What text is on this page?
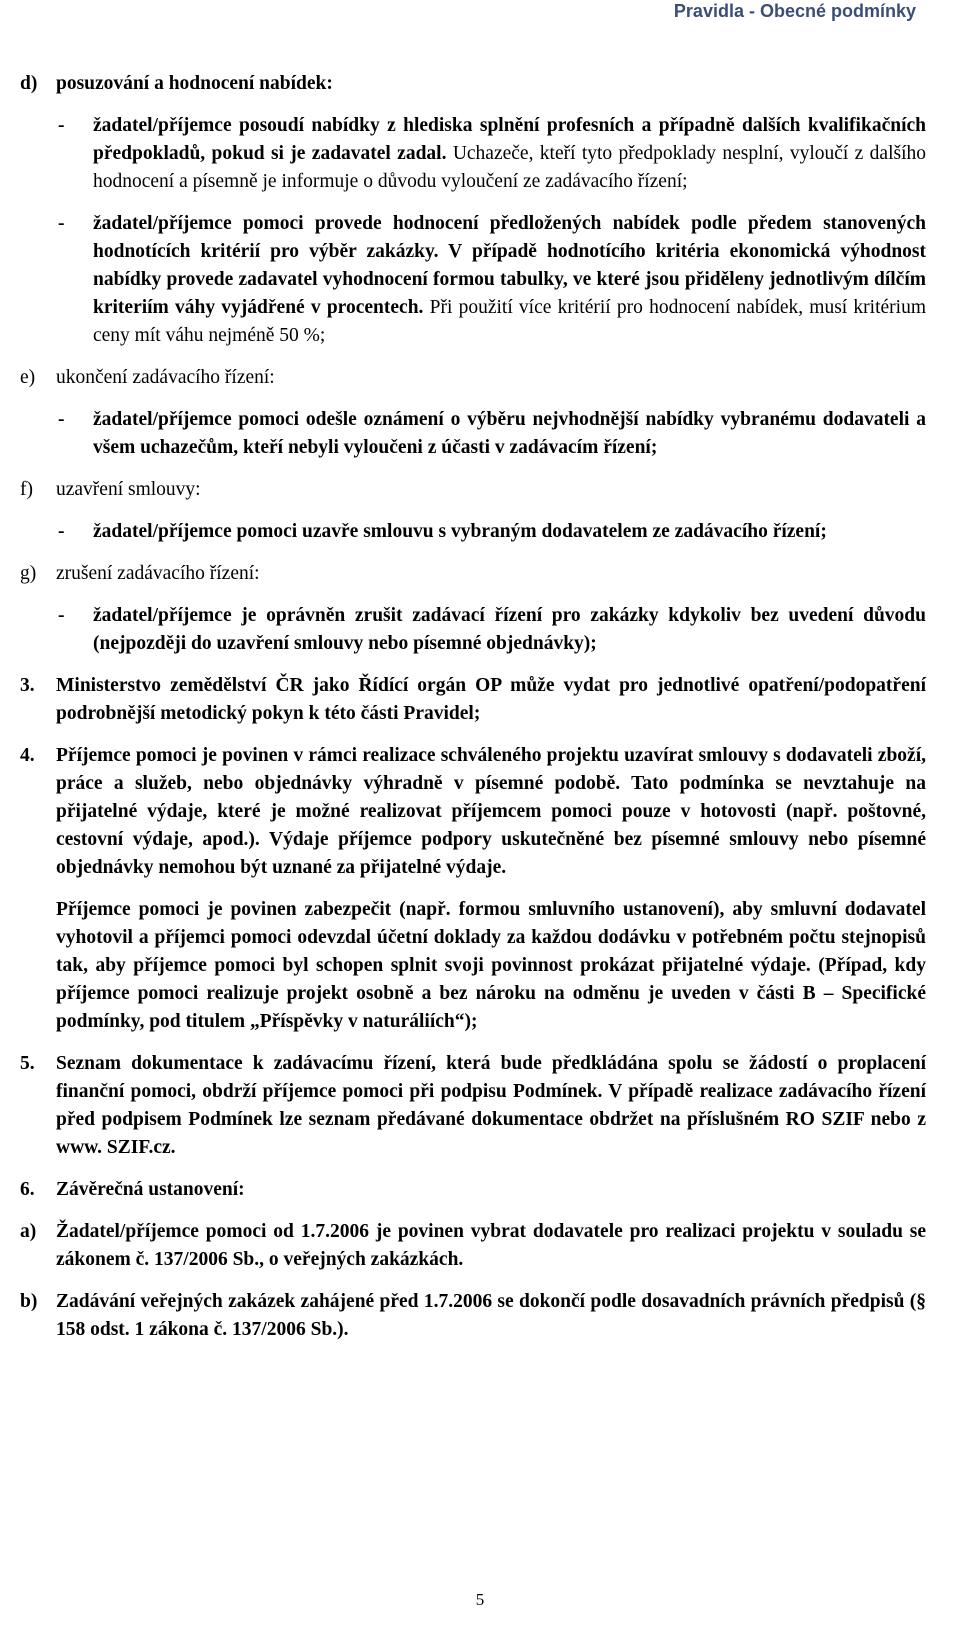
Pravidla - Obecné podmínky
d) posuzování a hodnocení nabídek:
-	žadatel/příjemce posoudí nabídky z hlediska splnění profesních a případně dalších kvalifikačních předpokladů, pokud si je zadavatel zadal. Uchazeče, kteří tyto předpoklady nesplní, vyloučí z dalšího hodnocení a písemně je informuje o důvodu vyloučení ze zadávacího řízení;
-	žadatel/příjemce pomoci provede hodnocení předložených nabídek podle předem stanovených hodnotících kritérií pro výběr zakázky. V případě hodnotícího kritéria ekonomická výhodnost nabídky provede zadavatel vyhodnocení formou tabulky, ve které jsou přiděleny jednotlivým dílčím kriteriím váhy vyjádřené v procentech. Při použití více kritérií pro hodnocení nabídek, musí kritérium ceny mít váhu nejméně 50 %;
e)	ukončení zadávacího řízení:
-	žadatel/příjemce pomoci odešle oznámení o výběru nejvhodnější nabídky vybranému dodavateli a všem uchazečům, kteří nebyli vyloučeni z účasti v zadávacím řízení;
f)	uzavření smlouvy:
-	žadatel/příjemce pomoci uzavře smlouvu s vybraným dodavatelem ze zadávacího řízení;
g)	zrušení zadávacího řízení:
-	žadatel/příjemce je oprávněn zrušit zadávací řízení pro zakázky kdykoliv bez uvedení důvodu (nejpozději do uzavření smlouvy nebo písemné objednávky);
3.	Ministerstvo zemědělství ČR jako Řídící orgán OP může vydat pro jednotlivé opatření/podopatření podrobnější metodický pokyn k této části Pravidel;
4.	Příjemce pomoci je povinen v rámci realizace schváleného projektu uzavírat smlouvy s dodavateli zboží, práce a služeb, nebo objednávky výhradně v písemné podobě. Tato podmínka se nevztahuje na přijatelné výdaje, které je možné realizovat příjemcem pomoci pouze v hotovosti (např. poštovné, cestovní výdaje, apod.). Výdaje příjemce podpory uskutečněné bez písemné smlouvy nebo písemné objednávky nemohou být uznané za přijatelné výdaje.
Příjemce pomoci je povinen zabezpečit (např. formou smluvního ustanovení), aby smluvní dodavatel vyhotovil a příjemci pomoci odevzdal účetní doklady za každou dodávku v potřebném počtu stejnopisů tak, aby příjemce pomoci byl schopen splnit svoji povinnost prokázat přijatelné výdaje. (Případ, kdy příjemce pomoci realizuje projekt osobně a bez nároku na odměnu je uveden v části B – Specifické podmínky, pod titulem „Příspěvky v naturáliích“);
5.	Seznam dokumentace k zadávacímu řízení, která bude předkládána spolu se žádostí o proplacení finanční pomoci, obdrží příjemce pomoci při podpisu Podmínek. V případě realizace zadávacího řízení před podpisem Podmínek lze seznam předávané dokumentace obdržet na příslušném RO SZIF nebo z www. SZIF.cz.
6.	Závěrečná ustanovení:
a)	Žadatel/příjemce pomoci od 1.7.2006 je povinen vybrat dodavatele pro realizaci projektu v souladu se zákonem č. 137/2006 Sb., o veřejných zakázkách.
b) Zadávání veřejných zakázek zahájené před 1.7.2006 se dokončí podle dosavadních právních předpisů (§ 158 odst. 1 zákona č. 137/2006 Sb.).
5
